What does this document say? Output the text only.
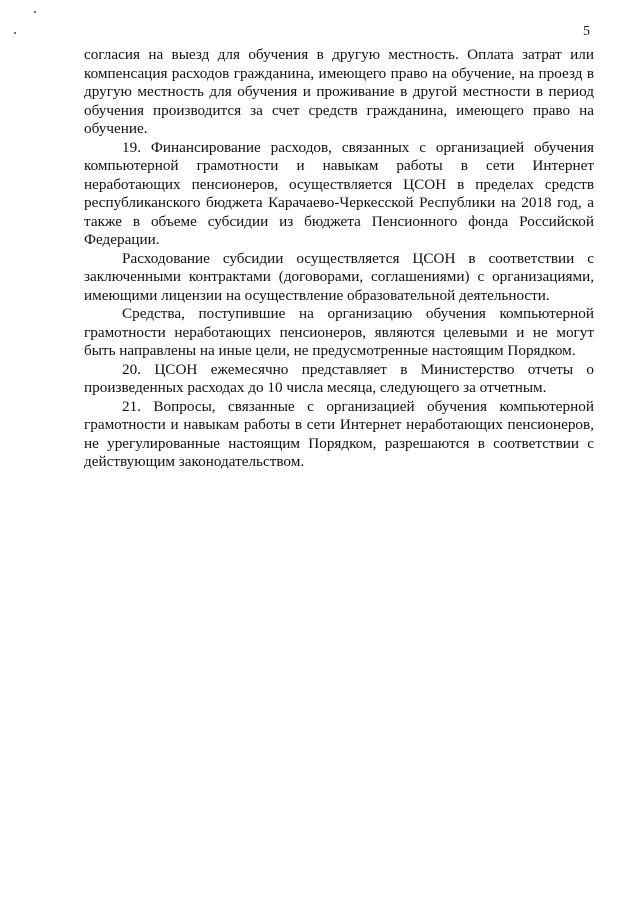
5

согласия на выезд для обучения в другую местность. Оплата затрат или компенсация расходов гражданина, имеющего право на обучение, на проезд в другую местность для обучения и проживание в другой местности в период обучения производится за счет средств гражданина, имеющего право на обучение.

19. Финансирование расходов, связанных с организацией обучения компьютерной грамотности и навыкам работы в сети Интернет неработающих пенсионеров, осуществляется ЦСОН в пределах средств республиканского бюджета Карачаево-Черкесской Республики на 2018 год, а также в объеме субсидии из бюджета Пенсионного фонда Российской Федерации.

Расходование субсидии осуществляется ЦСОН в соответствии с заключенными контрактами (договорами, соглашениями) с организациями, имеющими лицензии на осуществление образовательной деятельности.

Средства, поступившие на организацию обучения компьютерной грамотности неработающих пенсионеров, являются целевыми и не могут быть направлены на иные цели, не предусмотренные настоящим Порядком.

20. ЦСОН ежемесячно представляет в Министерство отчеты о произведенных расходах до 10 числа месяца, следующего за отчетным.

21. Вопросы, связанные с организацией обучения компьютерной грамотности и навыкам работы в сети Интернет неработающих пенсионеров, не урегулированные настоящим Порядком, разрешаются в соответствии с действующим законодательством.
